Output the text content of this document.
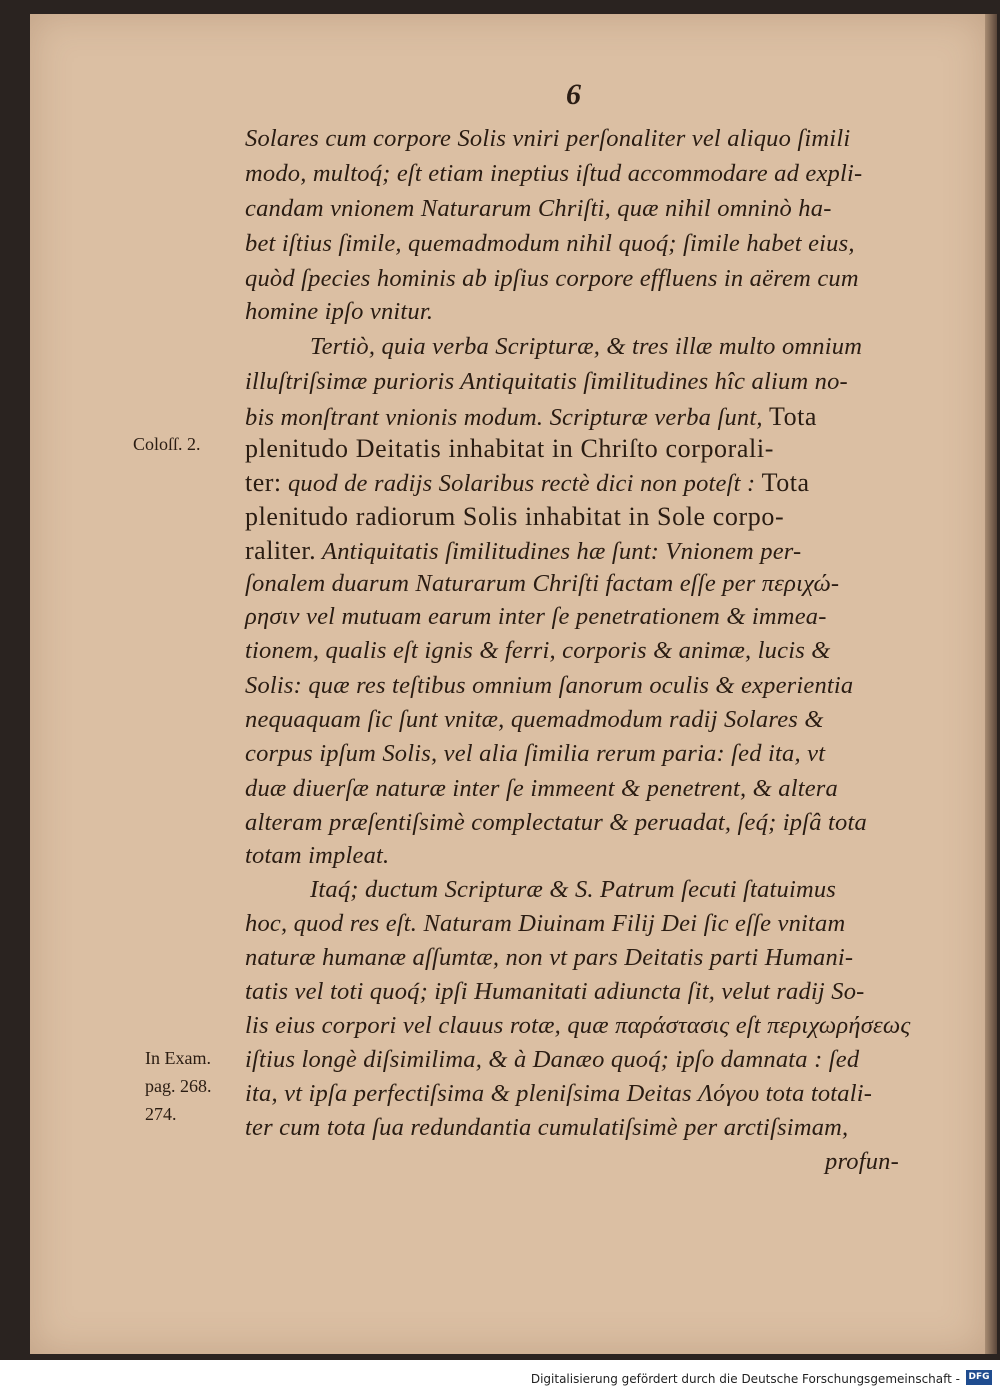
6
Solares cum corpore Solis vniri perſonaliter vel aliquo ſimili
modo, multoq́; eſt etiam ineptius iſtud accommodare ad expli-
candam vnionem Naturarum Chriſti, quæ nihil omninò ha-
bet iſtius ſimile, quemadmodum nihil quoq́; ſimile habet eius,
quòd ſpecies hominis ab ipſius corpore effluens in aërem cum
homine ipſo vnitur.
Tertiò, quia verba Scripturæ, & tres illæ multo omnium
illuſtriſsimæ purioris Antiquitatis ſimilitudines hîc alium no-
bis monſtrant vnionis modum. Scripturæ verba ſunt, Tota
plenitudo Deitatis inhabitat in Chriſto corporali-
ter: quod de radijs Solaribus rectè dici non poteſt : Tota
plenitudo radiorum Solis inhabitat in Sole corpo-
raliter. Antiquitatis ſimilitudines hæ ſunt: Vnionem per-
ſonalem duarum Naturarum Chriſti factam eſſe per περιχώ-
ρησιν vel mutuam earum inter ſe penetrationem & immea-
tionem, qualis eſt ignis & ferri, corporis & animæ, lucis &
Solis: quæ res teſtibus omnium ſanorum oculis & experientia
nequaquam ſic ſunt vnitæ, quemadmodum radij Solares &
corpus ipſum Solis, vel alia ſimilia rerum paria: ſed ita, vt
duæ diuerſæ naturæ inter ſe immeent & penetrent, & altera
alteram præſentiſsimè complectatur & peruadat, ſeq́; ipſâ tota
totam impleat.
Itaq́; ductum Scripturæ & S. Patrum ſecuti ſtatuimus
hoc, quod res eſt. Naturam Diuinam Filij Dei ſic eſſe vnitam
naturæ humanæ aſſumtæ, non vt pars Deitatis parti Humani-
tatis vel toti quoq́; ipſi Humanitati adiuncta ſit, velut radij So-
lis eius corpori vel clauus rotæ, quæ παράστασις eſt περιχωρήσεως
iſtius longè diſsimilima, & à Danæo quoq́; ipſo damnata : ſed
ita, vt ipſa perfectiſsima & pleniſsima Deitas Λόγου tota totali-
ter cum tota ſua redundantia cumulatiſsimè per arctiſsimam,
profun-
Coloſſ. 2.
In Exam.
pag. 268.
274.
Digitalisierung gefördert durch die Deutsche Forschungsgemeinschaft - DFG
